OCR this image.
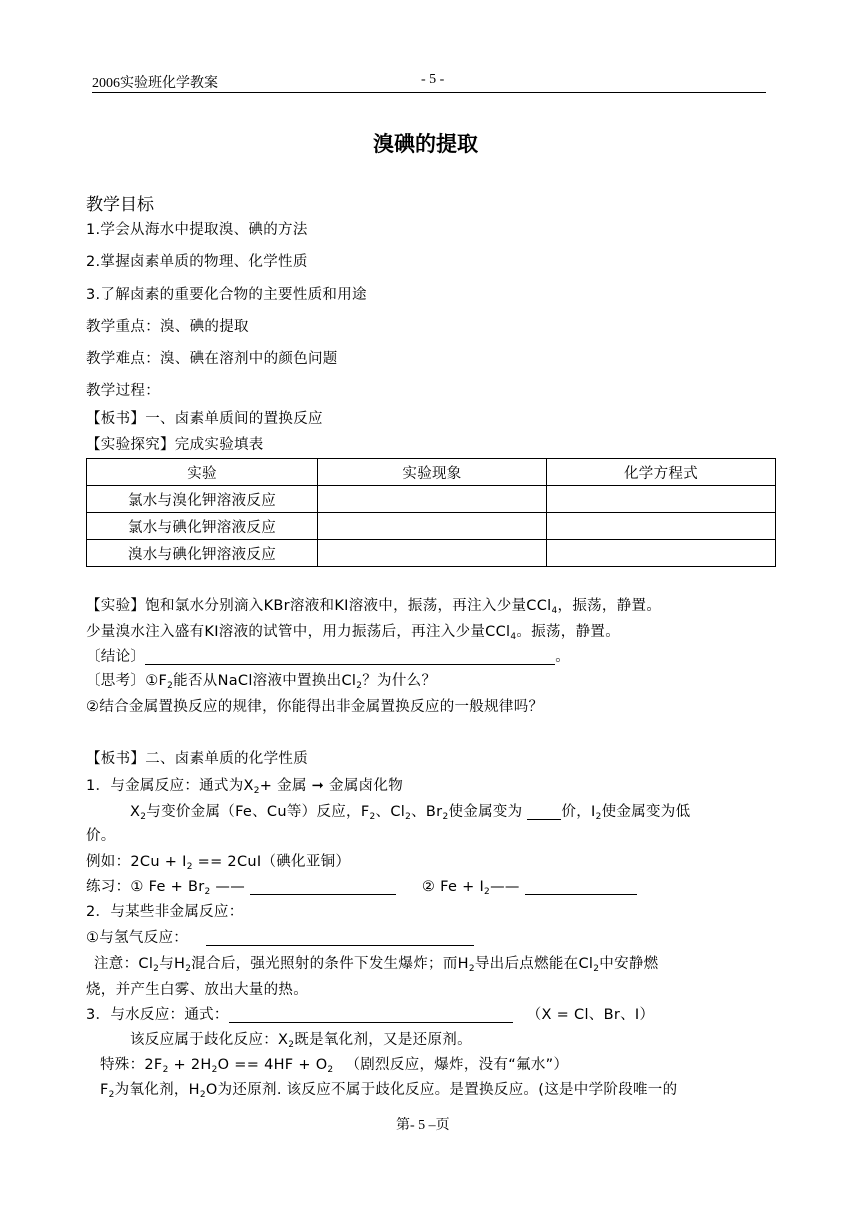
2006实验班化学教案	- 5 -
溴碘的提取
教学目标
1.学会从海水中提取溴、碘的方法
2.掌握卤素单质的物理、化学性质
3.了解卤素的重要化合物的主要性质和用途
教学重点：溴、碘的提取
教学难点：溴、碘在溶剂中的颜色问题
教学过程：
【板书】一、卤素单质间的置换反应
【实验探究】完成实验填表
实验	实验现象	化学方程式
氯水与溴化钾溶液反应		
氯水与碘化钾溶液反应		
溴水与碘化钾溶液反应		
【实验】饱和氯水分别滴入KBr溶液和KI溶液中，振荡，再注入少量CCl$_4$，振荡，静置。
少量溴水注入盛有KI溶液的试管中，用力振荡后，再注入少量CCl$_4$。振荡，静置。
〔结论〕	。
〔思考〕$①F_2$能否从NaCl溶液中置换出$Cl_2$？为什么？
②结合金属置换反应的规律，你能得出非金属置换反应的一般规律吗？
【板书】二、卤素单质的化学性质
1．与金属反应：通式为$X_2+$ 金属 ➞ 金属卤化物
$X_2$与变价金属（Fe、Cu等）反应，$F_2$、$Cl_2$、$Br_2$使金属变为 价，$I_2$使金属变为低
价。
例如：$2Cu + I_2 == 2CuI$（碘化亚铜）
练习：① $Fe + Br_2$ ——	② $Fe + I_2——$
2．与某些非金属反应：
①与氢气反应：
注意：$Cl_2$与$H_2$混合后，强光照射的条件下发生爆炸；而$H_2$导出后点燃能在$Cl_2$中安静燃
烧，并产生白雾、放出大量的热。
3．与水反应：通式：	（X = Cl、Br、I）
该反应属于歧化反应：$X_2$既是氧化剂，又是还原剂。
特殊：$2F_2 + 2H_2O == 4HF + O_2$ （剧烈反应，爆炸，没有“氟水”）
$F_2$为氧化剂，$H_2O$为还原剂. 该反应不属于歧化反应。是置换反应。(这是中学阶段唯一的
第- 5 –页
